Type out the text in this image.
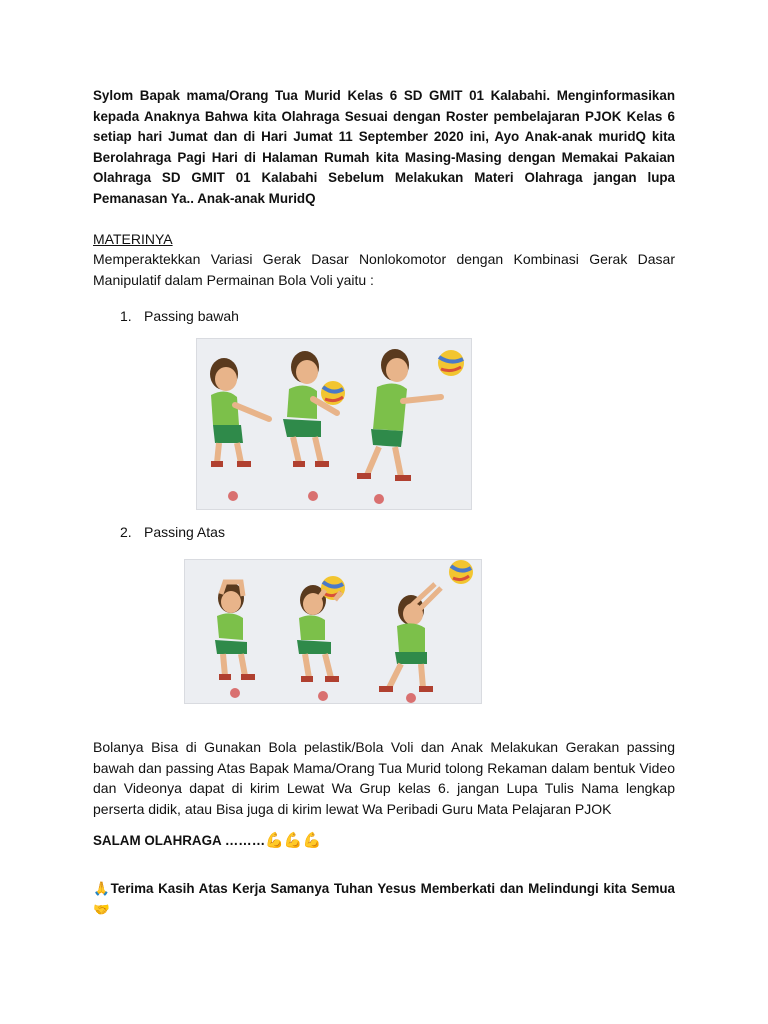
Sylom Bapak mama/Orang Tua Murid Kelas 6 SD GMIT 01 Kalabahi. Menginformasikan kepada Anaknya Bahwa kita Olahraga Sesuai dengan Roster pembelajaran PJOK Kelas 6 setiap hari Jumat dan di Hari Jumat 11 September 2020 ini, Ayo Anak-anak muridQ kita Berolahraga Pagi Hari di Halaman Rumah kita Masing-Masing dengan Memakai Pakaian Olahraga SD GMIT 01 Kalabahi Sebelum Melakukan Materi Olahraga jangan lupa Pemanasan Ya.. Anak-anak MuridQ

MATERINYA

Memperaktekkan Variasi Gerak Dasar Nonlokomotor dengan Kombinasi Gerak Dasar Manipulatif dalam Permainan Bola Voli yaitu :

1. Passing bawah
2. Passing Atas

Bolanya Bisa di Gunakan Bola pelastik/Bola Voli dan Anak Melakukan Gerakan passing bawah dan passing Atas Bapak Mama/Orang Tua Murid tolong Rekaman dalam bentuk Video dan Videonya dapat di kirim Lewat Wa Grup kelas 6. jangan Lupa Tulis Nama lengkap perserta didik, atau Bisa juga di kirim lewat Wa Peribadi Guru Mata Pelajaran PJOK

SALAM OLAHRAGA ……… 💪💪💪
🙏Terima Kasih Atas Kerja Samanya Tuhan Yesus Memberkati dan Melindungi kita Semua🤝
